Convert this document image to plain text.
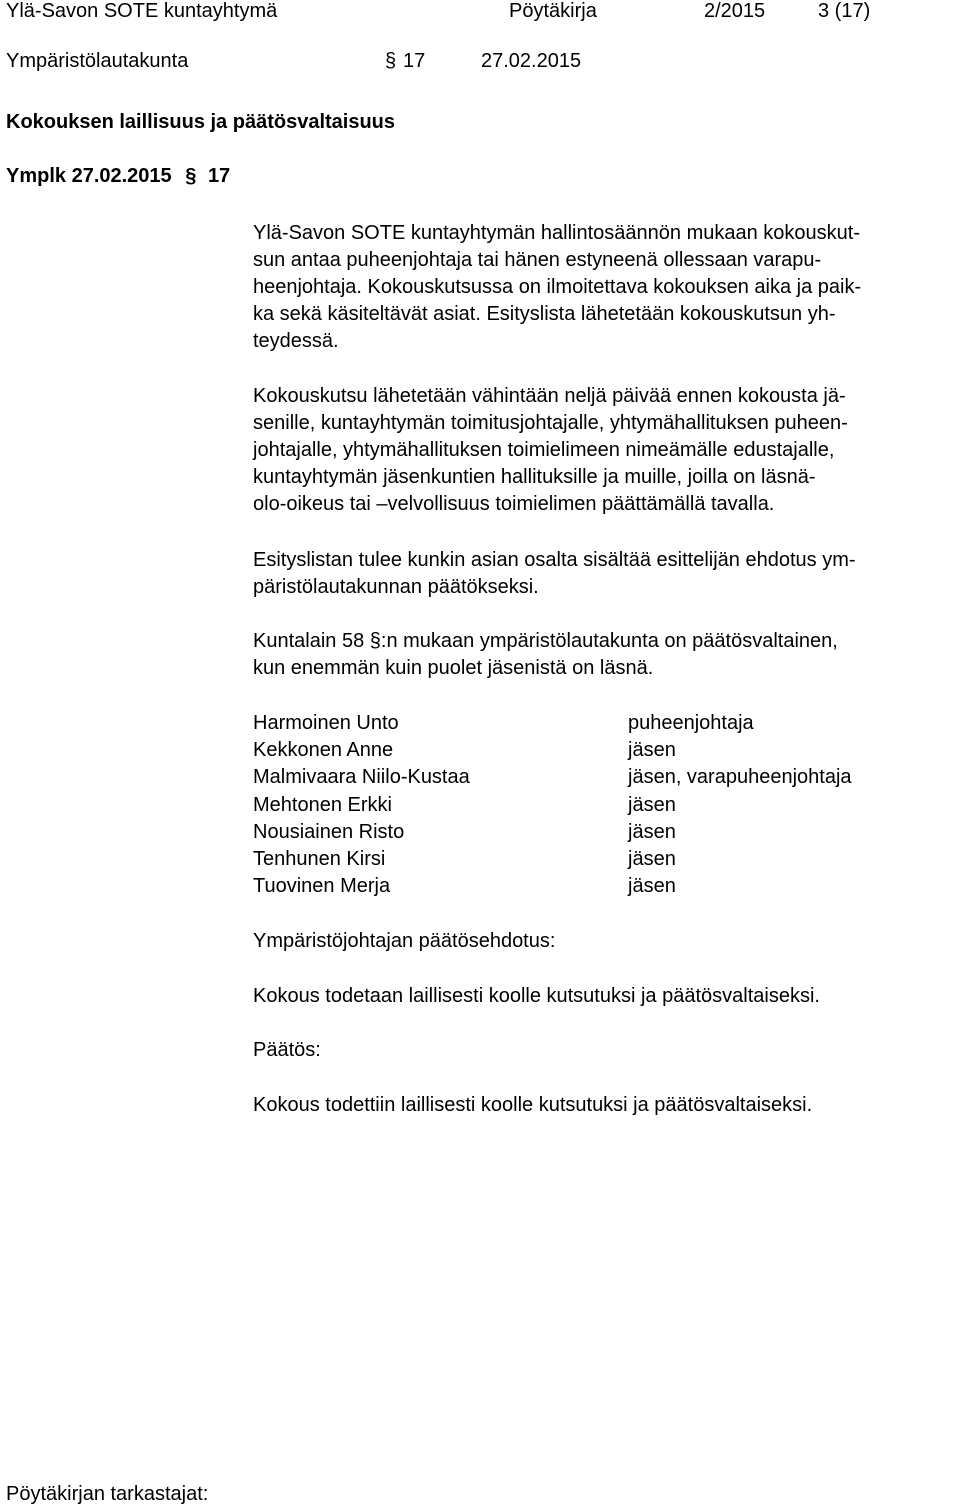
Ylä-Savon SOTE kuntayhtymä	Pöytäkirja	2/2015	3 (17)
Ympäristölautakunta	§ 17	27.02.2015
Kokouksen laillisuus ja päätösvaltaisuus
Ymplk 27.02.2015 § 17
Ylä-Savon SOTE kuntayhtymän hallintosäännön mukaan kokouskut-
sun antaa puheenjohtaja tai hänen estyneenä ollessaan varapu-
heenjohtaja. Kokouskutsussa on ilmoitettava kokouksen aika ja paik-
ka sekä käsiteltävät asiat. Esityslista lähetetään kokouskutsun yh-
teydessä.
Kokouskutsu lähetetään vähintään neljä päivää ennen kokousta jä-
senille, kuntayhtymän toimitusjohtajalle, yhtymähallituksen puheen-
johtajalle, yhtymähallituksen toimielimeen nimeämälle edustajalle,
kuntayhtymän jäsenkuntien hallituksille ja muille, joilla on läsnä-
olo-oikeus tai –velvollisuus toimielimen päättämällä tavalla.
Esityslistan tulee kunkin asian osalta sisältää esittelijän ehdotus ym-
päristölautakunnan päätökseksi.
Kuntalain 58 §:n mukaan ympäristölautakunta on päätösvaltainen,
kun enemmän kuin puolet jäsenistä on läsnä.
Harmoinen Unto	puheenjohtaja
Kekkonen Anne	jäsen
Malmivaara Niilo-Kustaa	jäsen, varapuheenjohtaja
Mehtonen Erkki	jäsen
Nousiainen Risto	jäsen
Tenhunen Kirsi	jäsen
Tuovinen Merja	jäsen
Ympäristöjohtajan päätösehdotus:
Kokous todetaan laillisesti koolle kutsutuksi ja päätösvaltaiseksi.
Päätös:
Kokous todettiin laillisesti koolle kutsutuksi ja päätösvaltaiseksi.
Pöytäkirjan tarkastajat:
